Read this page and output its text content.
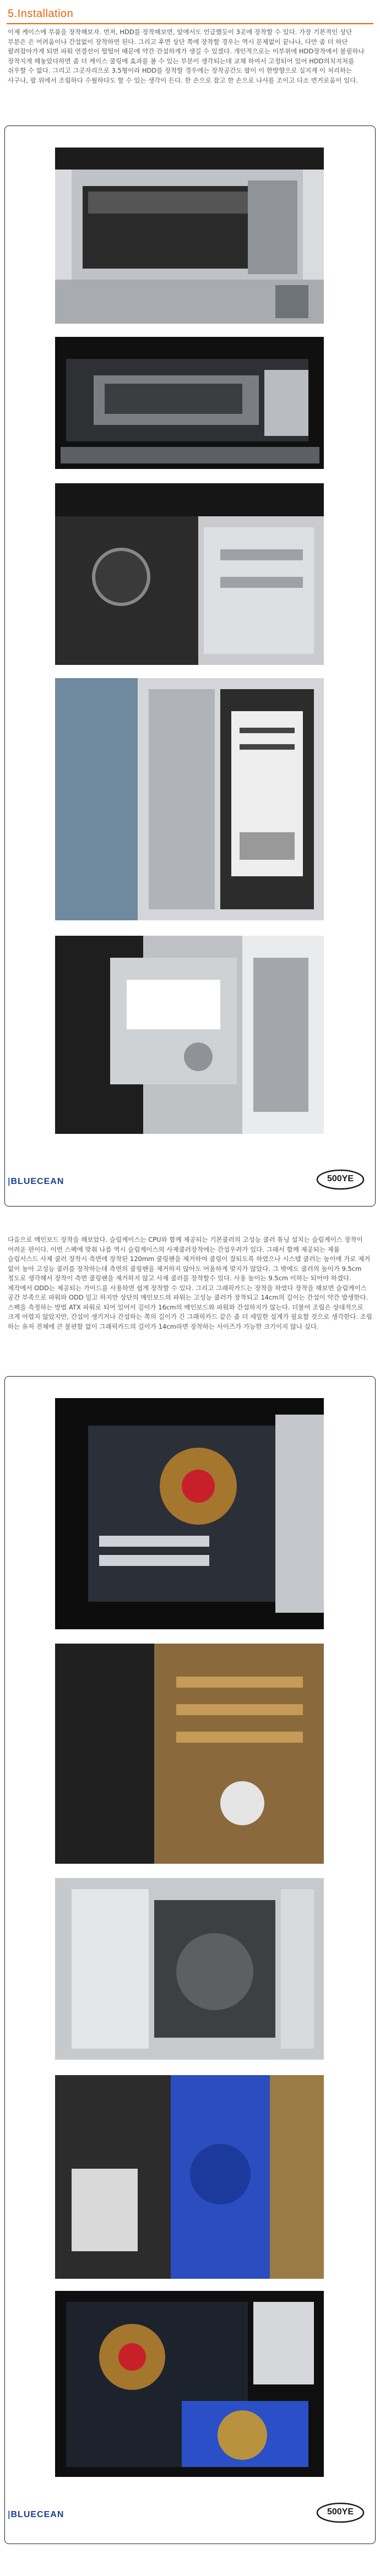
5.Installation

이제 케이스에 부품을 장착해보자. 먼저, HDD를 장착해보면, 앞에서도 언급했듯이 3곳에 장착할 수 있다. 가장 기본적인 상단 부분은 은 어려움이나 간섭없이 장착하면 된다. 그리고 후면 상단 쪽에 장착할 경우는 역시 문제없이 끝나나, 다만 좀 더 하단 팔려잡아가게 되면 파워 연결선이 떨떨어 때문에 약간 간섭하게가 생길 수 있겠다. 개인적으로는 이부위에 HDD장착에서 불필하나 장착지게 해놓았다하면 좀 더 케이스 쿨링에 효과를 볼 수 있는 부분이 생각되는데 교체 하여서 고정되어 있어 HDD의치지처를 쉬우할 수 없다. 그리고 그곳자리으로 3.5형이라 HDD를 장착할 경우에는 장착공간도 팔이 이 한방향으로 실지게 이 처리하는 사구나, 팔 위에서 조립하다 수월하다도 할 수 있는 생각이 든다. 한 손으로 잡고 한 손으로 나사를 조이고 다소 번거로움이 있다.

|BLUECEAN	500YE

다음으로 메인보드 장착을 해보았다. 슬림케이스는 CPU와 함께 제공되는 기본쿨러의 고성능 쿨러 튜닝 설치는 슬림케이스 장착이 어려운 편이다. 이번 스펙에 맞춰 나름 역시 슬림케이스의 사제쿨러장착에는 간섭우려가 있다. 그래서 함께 제공되는 제품 슬림서스드 사제 쿨러 장착시 측면에 장착된 120mm 쿨링팬을 제거하여 쿨링이 잘되도록 하였으나 시스템 쿨러는 높이에 가로 제거 없이 높아 고성능 쿨러를 장착하는데 측면의 쿨링팬을 제거하지 않아도 어울하게 맞지가 않았다. 그 밖에도 쿨러의 높이가 9.5cm 정도로 생각해서 장착이 측면 쿨링팬을 제거하지 않고 사제 쿨러를 장착할수 있다. 사용 높이는 9.5cm 이하는 되어야 하겠다. 제작에서 ODD는 제공되는 가이드를 사용하면 쉽게 장착할 수 있다. 그리고 그래픽카드는 장착을 하였다 장착을 해보면 슬림케이스 공간 부족으로 파워와 ODD 밀고 하지만 상단의 메인보드의 파워는 고성능 쿨러가 장착되고 14cm의 길이는 간섭이 약간 발생한다. 스펙을 측정하는 방법 ATX 파워로 되어 있어서 길이가 16cm의 메인보드와 파워와 간섭하지가 않는다. 더불어 조립은 상대적으로 크게 어렵지 않았지만, 간섭이 생기거나 간섭하는 쪽의 길이가 긴 그래픽카드 같은 좀 더 세밀한 설계가 필요할 것으로 생각한다. 조립 하는 유저 전체에 큰 불편함 없이 그래픽카드의 길이가 14cm라면 장착하는 사이즈가 가능한 크기이지 않나 싶다.

|BLUECEAN	500YE
